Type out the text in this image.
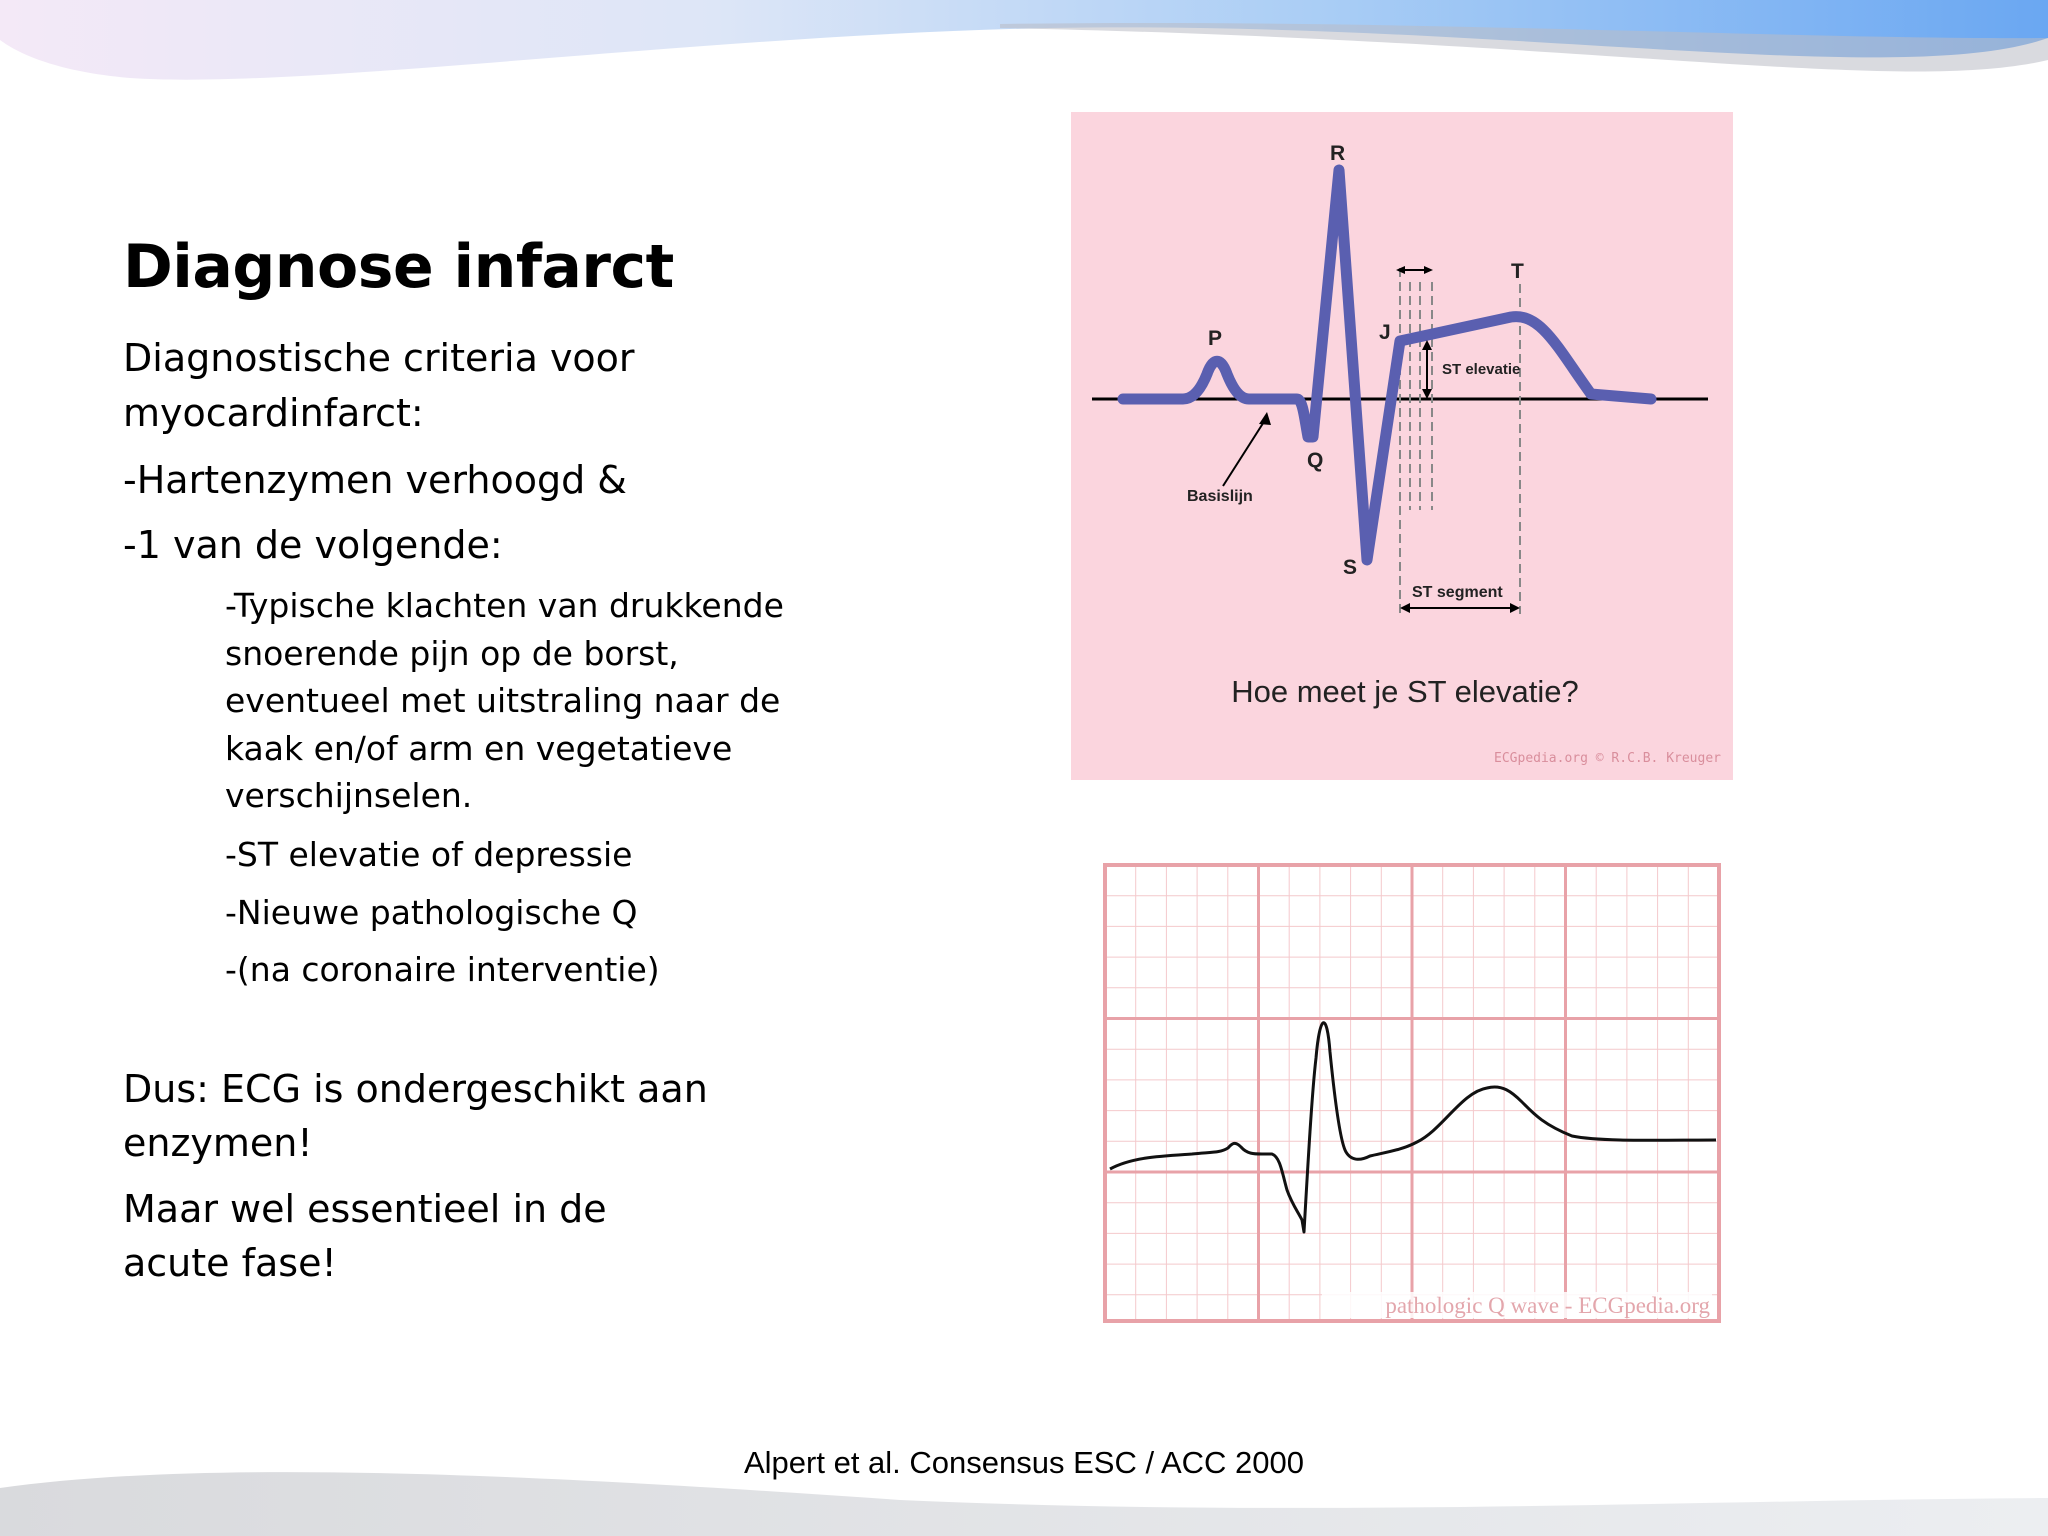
Diagnose infarct

Diagnostische criteria voor

myocardinfarct:

-Hartenzymen verhoogd &

-1 van de volgende:

-Typische klachten van drukkende snoerende pijn op de borst, eventueel met uitstraling naar de kaak en/of arm en vegetatieve verschijnselen.

-ST elevatie of depressie

-Nieuwe pathologische Q

-(na coronaire interventie)

Dus: ECG is ondergeschikt aan enzymen!

Maar wel essentieel in de acute fase!

Alpert et al. Consensus ESC / ACC 2000
P
R
Q
S
J
T
Basislijn
ST elevatie
ST segment
Hoe meet je ST elevatie?
ECGpedia.org © R.C.B. Kreuger
pathologic Q wave - ECGpedia.org
